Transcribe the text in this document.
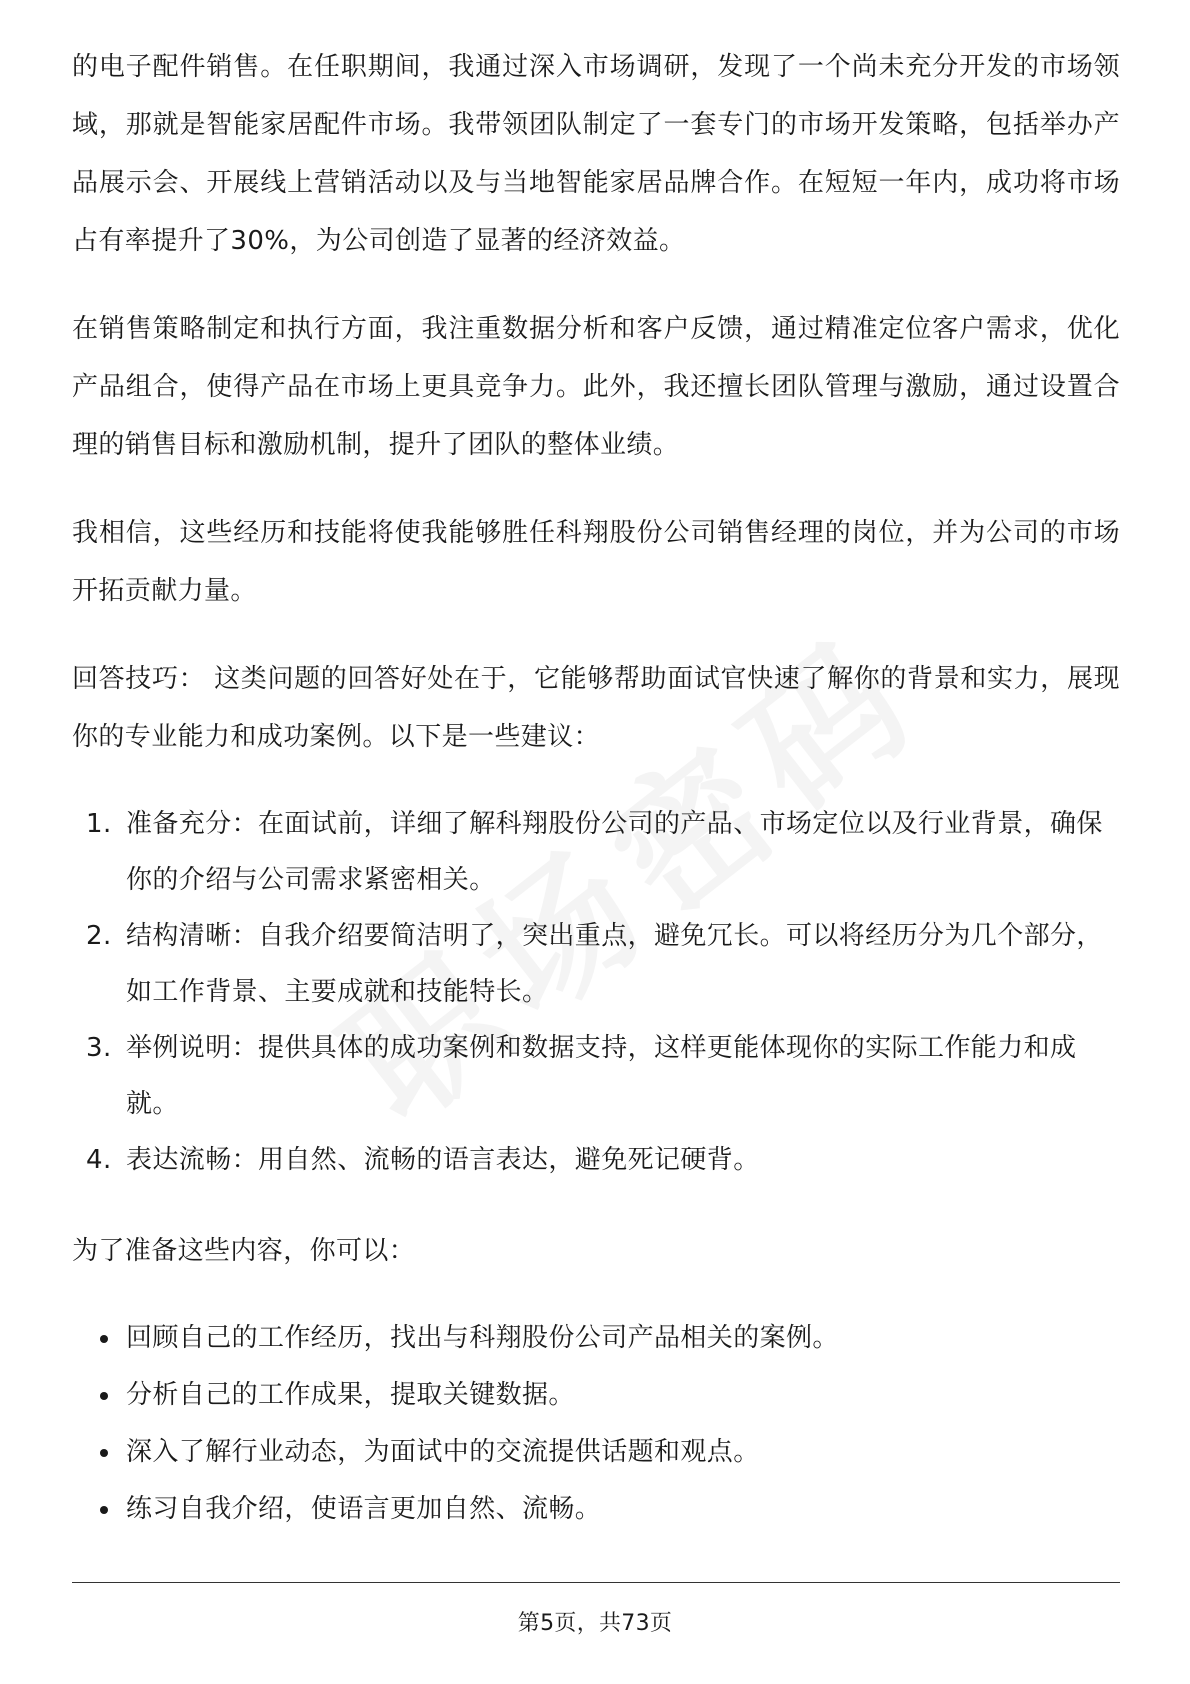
的电子配件销售。在任职期间，我通过深入市场调研，发现了一个尚未充分开发的市场领域，那就是智能家居配件市场。我带领团队制定了一套专门的市场开发策略，包括举办产品展示会、开展线上营销活动以及与当地智能家居品牌合作。在短短一年内，成功将市场占有率提升了30%，为公司创造了显著的经济效益。

在销售策略制定和执行方面，我注重数据分析和客户反馈，通过精准定位客户需求，优化产品组合，使得产品在市场上更具竞争力。此外，我还擅长团队管理与激励，通过设置合理的销售目标和激励机制，提升了团队的整体业绩。

我相信，这些经历和技能将使我能够胜任科翔股份公司销售经理的岗位，并为公司的市场开拓贡献力量。

回答技巧： 这类问题的回答好处在于，它能够帮助面试官快速了解你的背景和实力，展现你的专业能力和成功案例。以下是一些建议：

1. 准备充分：在面试前，详细了解科翔股份公司的产品、市场定位以及行业背景，确保你的介绍与公司需求紧密相关。
2. 结构清晰：自我介绍要简洁明了，突出重点，避免冗长。可以将经历分为几个部分，如工作背景、主要成就和技能特长。
3. 举例说明：提供具体的成功案例和数据支持，这样更能体现你的实际工作能力和成就。
4. 表达流畅：用自然、流畅的语言表达，避免死记硬背。

为了准备这些内容，你可以：

回顾自己的工作经历，找出与科翔股份公司产品相关的案例。
分析自己的工作成果，提取关键数据。
深入了解行业动态，为面试中的交流提供话题和观点。
练习自我介绍，使语言更加自然、流畅。
第5页，共73页
